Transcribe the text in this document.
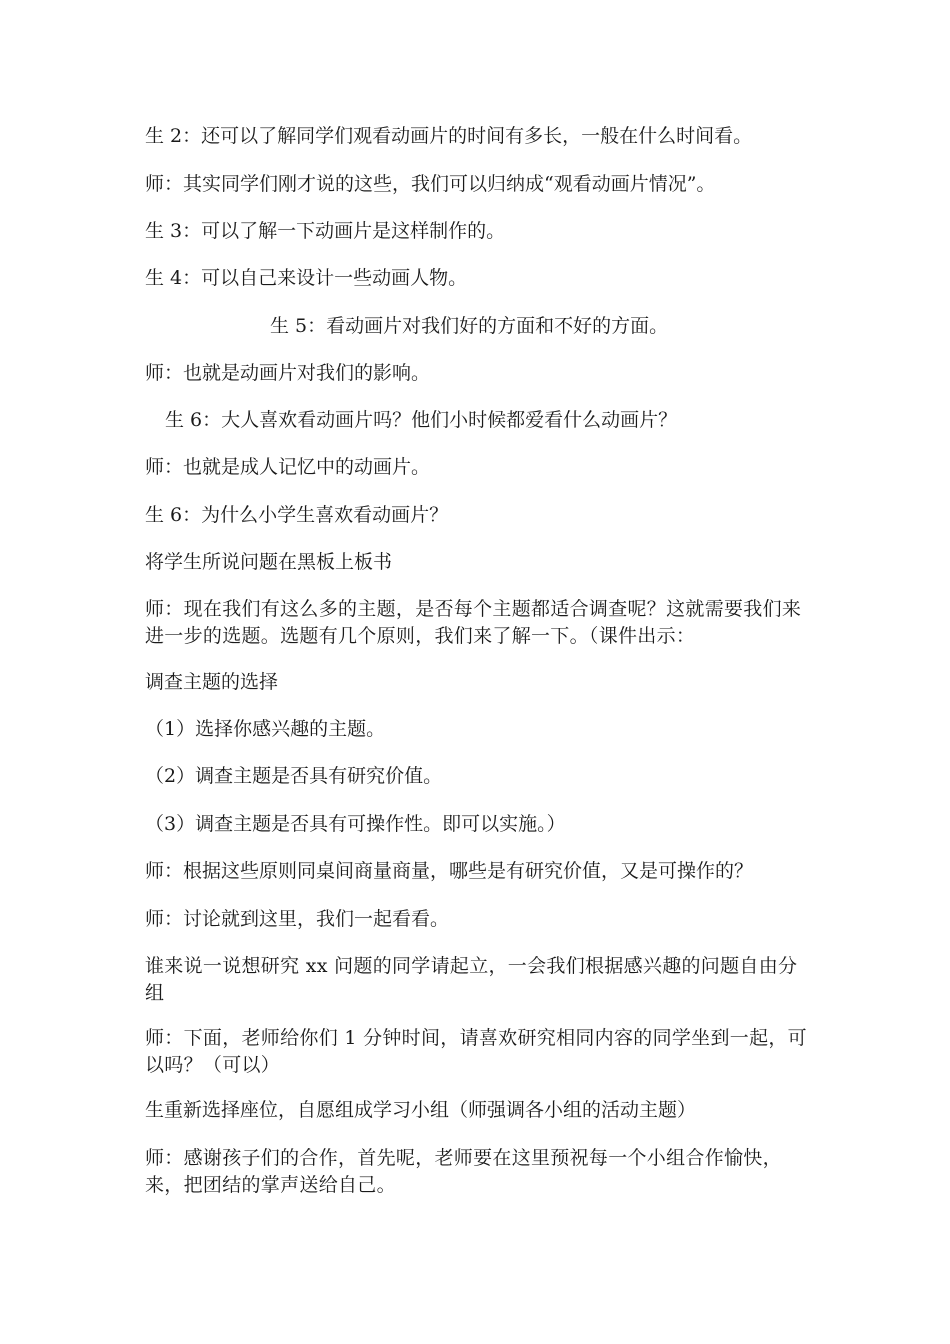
生 2：还可以了解同学们观看动画片的时间有多长，一般在什么时间看。
师：其实同学们刚才说的这些，我们可以归纳成“观看动画片情况”。
生 3：可以了解一下动画片是这样制作的。
生 4：可以自己来设计一些动画人物。
生 5：看动画片对我们好的方面和不好的方面。
师：也就是动画片对我们的影响。
生 6：大人喜欢看动画片吗？他们小时候都爱看什么动画片？
师：也就是成人记忆中的动画片。
生 6：为什么小学生喜欢看动画片？
将学生所说问题在黑板上板书
师：现在我们有这么多的主题，是否每个主题都适合调查呢？这就需要我们来进一步的选题。选题有几个原则，我们来了解一下。（课件出示：
调查主题的选择
（1）选择你感兴趣的主题。
（2）调查主题是否具有研究价值。
（3）调查主题是否具有可操作性。即可以实施。）
师：根据这些原则同桌间商量商量，哪些是有研究价值，又是可操作的？
师：讨论就到这里，我们一起看看。
谁来说一说想研究 xx 问题的同学请起立，一会我们根据感兴趣的问题自由分组
师：下面，老师给你们 1 分钟时间，请喜欢研究相同内容的同学坐到一起，可以吗？（可以）
生重新选择座位，自愿组成学习小组（师强调各小组的活动主题）
师：感谢孩子们的合作，首先呢，老师要在这里预祝每一个小组合作愉快，来，把团结的掌声送给自己。
